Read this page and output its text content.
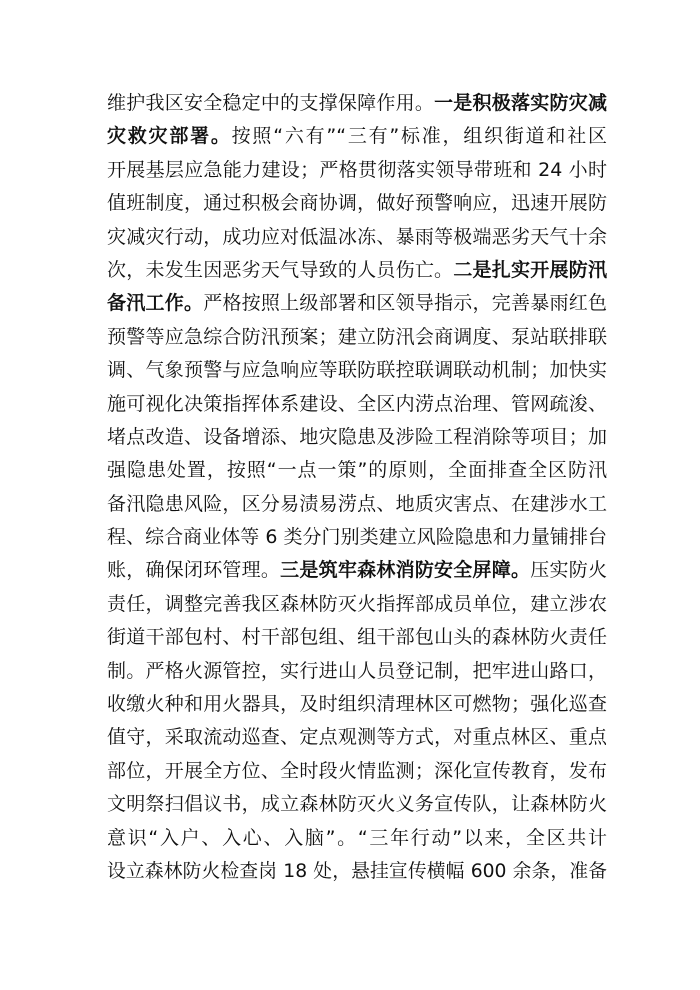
维护我区安全稳定中的支撑保障作用。一是积极落实防灾减
灾救灾部署。按照“六有”“三有”标准，组织街道和社区
开展基层应急能力建设；严格贯彻落实领导带班和 24 小时
值班制度，通过积极会商协调，做好预警响应，迅速开展防
灾减灾行动，成功应对低温冰冻、暴雨等极端恶劣天气十余
次，未发生因恶劣天气导致的人员伤亡。二是扎实开展防汛
备汛工作。严格按照上级部署和区领导指示，完善暴雨红色
预警等应急综合防汛预案；建立防汛会商调度、泵站联排联
调、气象预警与应急响应等联防联控联调联动机制；加快实
施可视化决策指挥体系建设、全区内涝点治理、管网疏浚、
堵点改造、设备增添、地灾隐患及涉险工程消除等项目；加
强隐患处置，按照“一点一策”的原则，全面排查全区防汛
备汛隐患风险，区分易渍易涝点、地质灾害点、在建涉水工
程、综合商业体等 6 类分门别类建立风险隐患和力量铺排台
账，确保闭环管理。三是筑牢森林消防安全屏障。压实防火
责任，调整完善我区森林防灭火指挥部成员单位，建立涉农
街道干部包村、村干部包组、组干部包山头的森林防火责任
制。严格火源管控，实行进山人员登记制，把牢进山路口，
收缴火种和用火器具，及时组织清理林区可燃物；强化巡查
值守，采取流动巡查、定点观测等方式，对重点林区、重点
部位，开展全方位、全时段火情监测；深化宣传教育，发布
文明祭扫倡议书，成立森林防灭火义务宣传队，让森林防火
意识“入户、入心、入脑”。“三年行动”以来，全区共计
设立森林防火检查岗 18 处，悬挂宣传横幅 600 余条，准备
